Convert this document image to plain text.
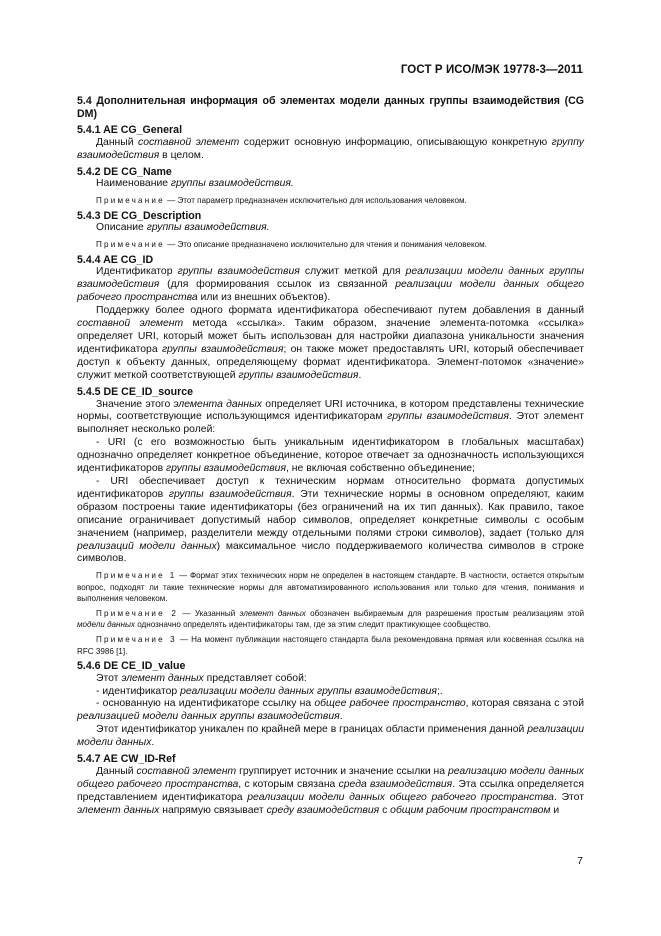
ГОСТ Р ИСО/МЭК 19778-3—2011

5.4 Дополнительная информация об элементах модели данных группы взаимодействия (CG DM)

5.4.1 AE CG_General

Данный составной элемент содержит основную информацию, описывающую конкретную группу взаимодействия в целом.

5.4.2 DE CG_Name

Наименование группы взаимодействия.

Примечание — Этот параметр предназначен исключительно для использования человеком.

5.4.3 DE CG_Description

Описание группы взаимодействия.

Примечание — Это описание предназначено исключительно для чтения и понимания человеком.

5.4.4 AE CG_ID

Идентификатор группы взаимодействия служит меткой для реализации модели данных группы взаимодействия (для формирования ссылок из связанной реализации модели данных общего рабочего пространства или из внешних объектов).

Поддержку более одного формата идентификатора обеспечивают путем добавления в данный составной элемент метода «ссылка». Таким образом, значение элемента-потомка «ссылка» определяет URI, который может быть использован для настройки диапазона уникальности значения идентификатора группы взаимодействия; он также может предоставлять URI, который обеспечивает доступ к объекту данных, определяющему формат идентификатора. Элемент-потомок «значение» служит меткой соответствующей группы взаимодействия.

5.4.5 DE CE_ID_source

Значение этого элемента данных определяет URI источника, в котором представлены технические нормы, соответствующие использующимся идентификаторам группы взаимодействия. Этот элемент выполняет несколько ролей:

- URI (с его возможностью быть уникальным идентификатором в глобальных масштабах) однозначно определяет конкретное объединение, которое отвечает за однозначность использующихся идентификаторов группы взаимодействия, не включая собственно объединение;

- URI обеспечивает доступ к техническим нормам относительно формата допустимых идентификаторов группы взаимодействия. Эти технические нормы в основном определяют, каким образом построены такие идентификаторы (без ограничений на их тип данных). Как правило, такое описание ограничивает допустимый набор символов, определяет конкретные символы с особым значением (например, разделители между отдельными полями строки символов), задает (только для реализаций модели данных) максимальное число поддерживаемого количества символов в строке символов.

Примечание 1 — Формат этих технических норм не определен в настоящем стандарте. В частности, остается открытым вопрос, подходят ли такие технические нормы для автоматизированного использования или только для чтения, понимания и выполнения человеком.

Примечание 2 — Указанный элемент данных обозначен выбираемым для разрешения простым реализациям этой модели данных однозначно определять идентификаторы там, где за этим следит практикующее сообщество.

Примечание 3 — На момент публикации настоящего стандарта была рекомендована прямая или косвенная ссылка на RFC 3986 [1].

5.4.6 DE CE_ID_value

Этот элемент данных представляет собой:

- идентификатор реализации модели данных группы взаимодействия;.

- основанную на идентификаторе ссылку на общее рабочее пространство, которая связана с этой реализацией модели данных группы взаимодействия.

Этот идентификатор уникален по крайней мере в границах области применения данной реализации модели данных.

5.4.7 AE CW_ID-Ref

Данный составной элемент группирует источник и значение ссылки на реализацию модели данных общего рабочего пространства, с которым связана среда взаимодействия. Эта ссылка определяется представлением идентификатора реализации модели данных общего рабочего пространства. Этот элемент данных напрямую связывает среду взаимодействия с общим рабочим пространством и

7
